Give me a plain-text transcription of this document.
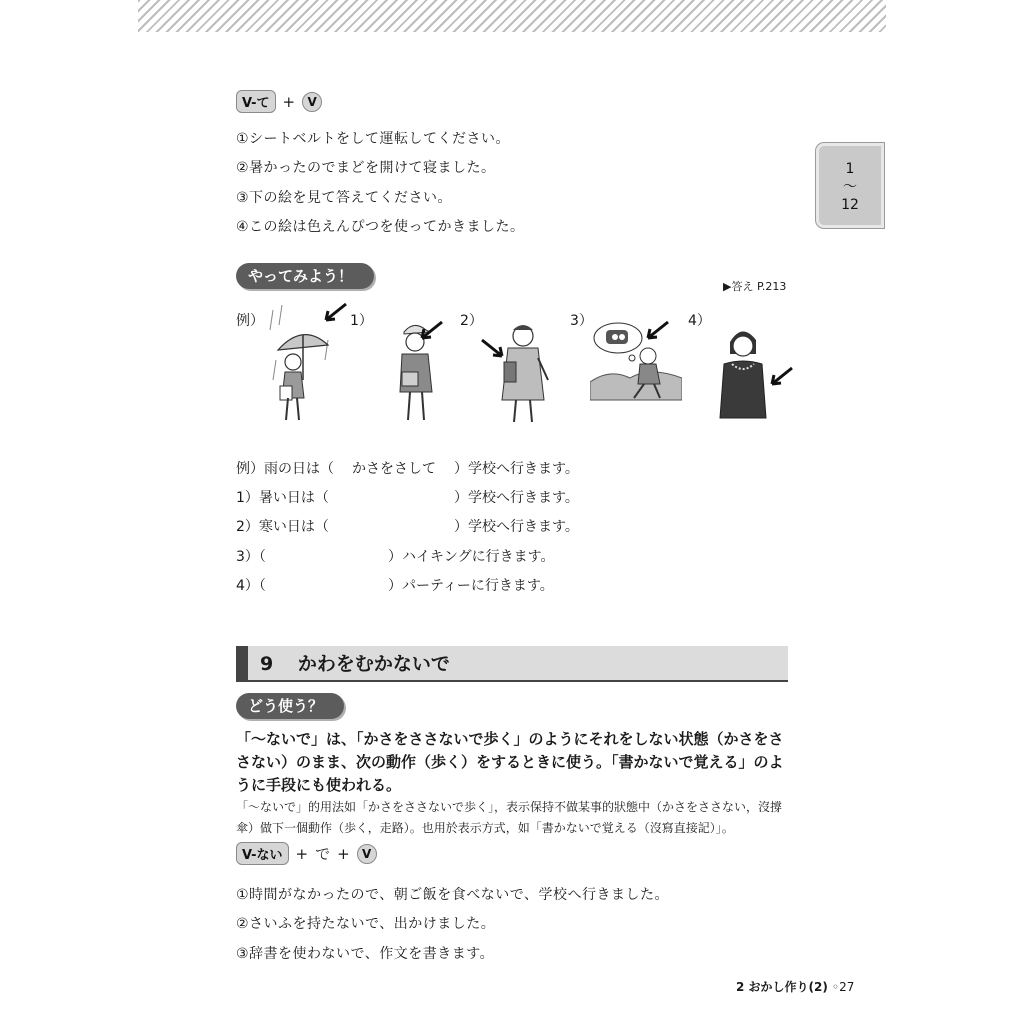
1
～
12
V-て +	V
①シートベルトをして運転してください。
②暑かったのでまどを開けて寝ました。
③下の絵を見て答えてください。
④この絵は色えんぴつを使ってかきました。
やってみよう！
▶答え P.213
例）	1）	2）	3）	4）
例）雨の日は（ かさをさして ）学校へ行きます。
1）暑い日は（	）学校へ行きます。
2）寒い日は（	）学校へ行きます。
3）（	）ハイキングに行きます。
4）（	）パーティーに行きます。
9 かわをむかないで
どう使う？
「～ないで」は、「かさをささないで歩く」のようにそれをしない状態（かさをささない）のまま、次の動作（歩く）をするときに使う。「書かないで覚える」のように手段にも使われる。
「～ないで」的用法如「かさをささないで歩く」，表示保持不做某事的狀態中（かさをささない，沒撐傘）做下一個動作（歩く，走路）。也用於表示方式，如「書かないで覚える（沒寫直接記）」。
V-ない + で +	V
①時間がなかったので、朝ご飯を食べないで、学校へ行きました。
②さいふを持たないで、出かけました。
③辞書を使わないで、作文を書きます。
2 おかし作り(2) ◦27
